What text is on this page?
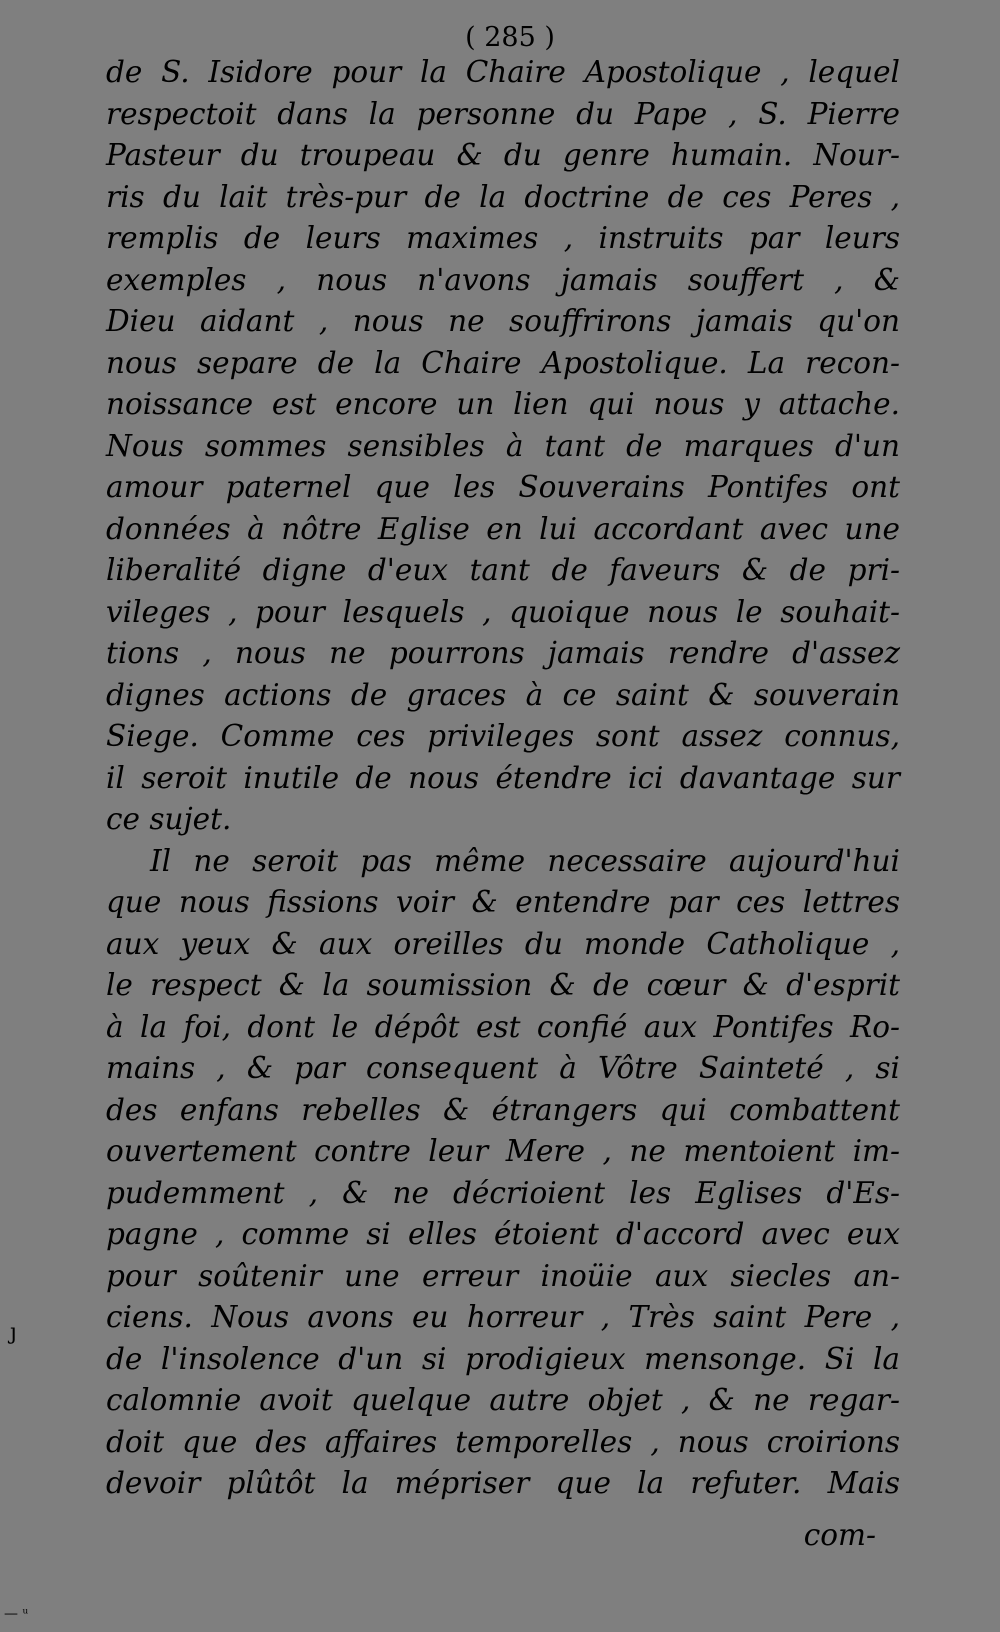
( 285 )
ȷ
de S. Isidore pour la Chaire Apostolique , lequel
respectoit dans la personne du Pape , S. Pierre
Pasteur du troupeau & du genre humain. Nour-
ris du lait très-pur de la doctrine de ces Peres ,
remplis de leurs maximes , instruits par leurs
exemples , nous n'avons jamais souffert , &
Dieu aidant , nous ne souffrirons jamais qu'on
nous separe de la Chaire Apostolique. La recon-
noissance est encore un lien qui nous y attache.
Nous sommes sensibles à tant de marques d'un
amour paternel que les Souverains Pontifes ont
données à nôtre Eglise en lui accordant avec une
liberalité digne d'eux tant de faveurs & de pri-
vileges , pour lesquels , quoique nous le souhait-
tions , nous ne pourrons jamais rendre d'assez
dignes actions de graces à ce saint & souverain
Siege. Comme ces privileges sont assez connus,
il seroit inutile de nous étendre ici davantage sur
ce sujet.
Il ne seroit pas même necessaire aujourd'hui
que nous fissions voir & entendre par ces lettres
aux yeux & aux oreilles du monde Catholique ,
le respect & la soumission & de cœur & d'esprit
à la foi, dont le dépôt est confié aux Pontifes Ro-
mains , & par consequent à Vôtre Sainteté , si
des enfans rebelles & étrangers qui combattent
ouvertement contre leur Mere , ne mentoient im-
pudemment , & ne décrioient les Eglises d'Es-
pagne , comme si elles étoient d'accord avec eux
pour soûtenir une erreur inoüie aux siecles an-
ciens. Nous avons eu horreur , Très saint Pere ,
de l'insolence d'un si prodigieux mensonge. Si la
calomnie avoit quelque autre objet , & ne regar-
doit que des affaires temporelles , nous croirions
devoir plûtôt la mépriser que la refuter. Mais
com-
— ᵘ
